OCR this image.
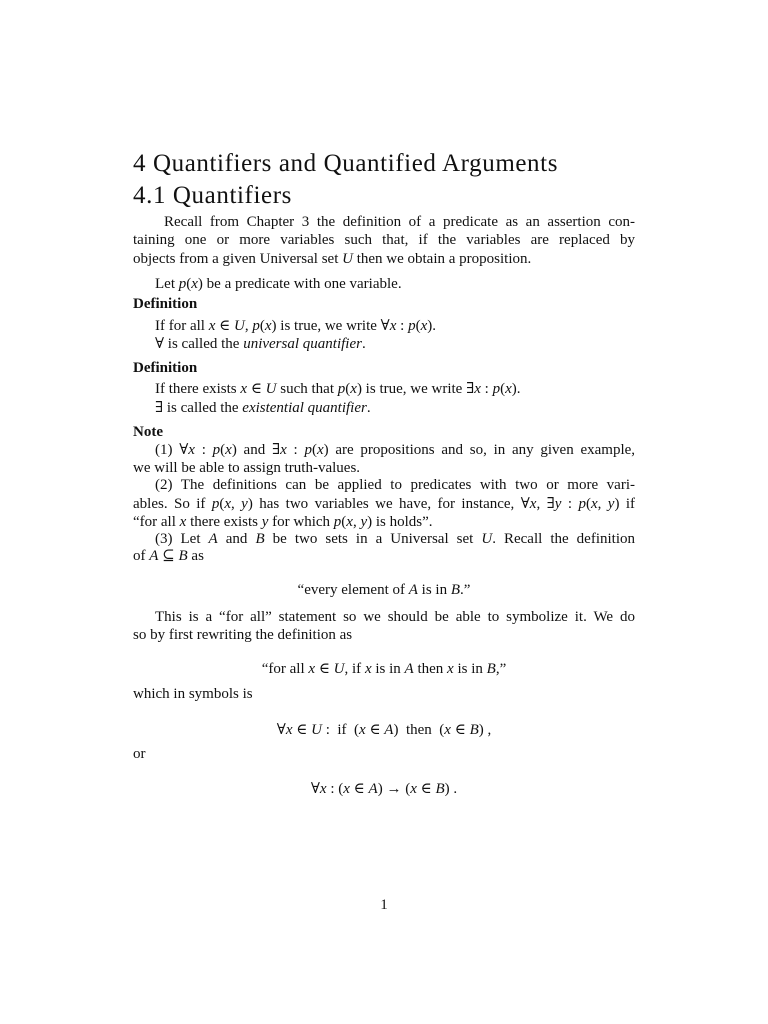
4 Quantifiers and Quantified Arguments
4.1 Quantifiers
Recall from Chapter 3 the definition of a predicate as an assertion con-
taining one or more variables such that, if the variables are replaced by
objects from a given Universal set U then we obtain a proposition.
Let p(x) be a predicate with one variable.
Definition
If for all x ∈ U, p(x) is true, we write ∀x : p(x).
∀ is called the universal quantifier.
Definition
If there exists x ∈ U such that p(x) is true, we write ∃x : p(x).
∃ is called the existential quantifier.
Note
(1) ∀x : p(x) and ∃x : p(x) are propositions and so, in any given example,
we will be able to assign truth-values.
(2) The definitions can be applied to predicates with two or more vari-
ables. So if p(x, y) has two variables we have, for instance, ∀x, ∃y : p(x, y) if
“for all x there exists y for which p(x, y) is holds”.
(3) Let A and B be two sets in a Universal set U. Recall the definition
of A ⊆ B as
“every element of A is in B.”
This is a “for all” statement so we should be able to symbolize it. We do
so by first rewriting the definition as
“for all x ∈ U, if x is in A then x is in B,”
which in symbols is
∀x ∈ U :  if  (x ∈ A)  then  (x ∈ B) ,
or
∀x : (x ∈ A) → (x ∈ B) .
1
